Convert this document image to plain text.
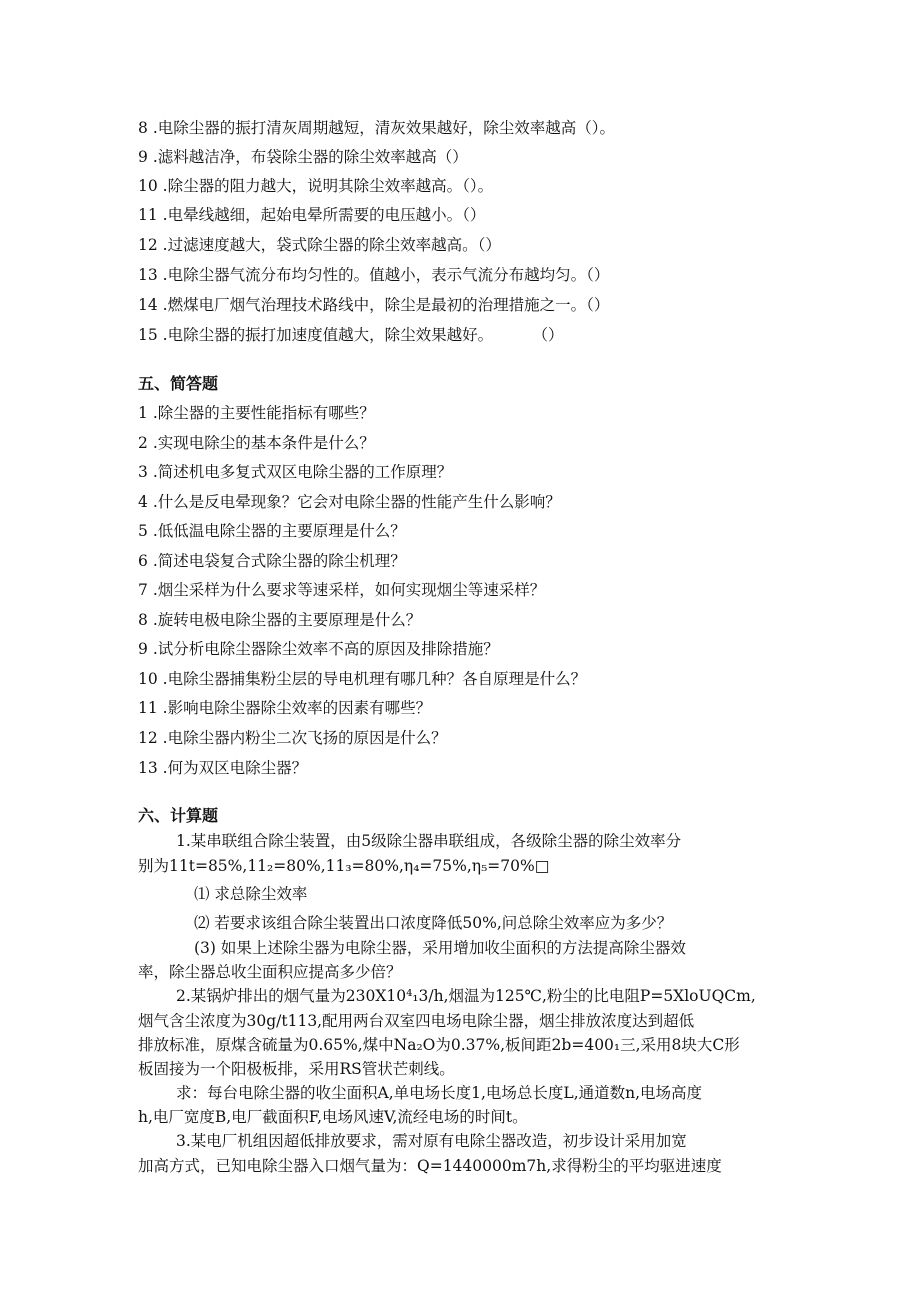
8 .电除尘器的振打清灰周期越短，清灰效果越好，除尘效率越高（）。
9 .滤料越洁净，布袋除尘器的除尘效率越高（）
10 .除尘器的阻力越大，说明其除尘效率越高。（）。
11 .电晕线越细，起始电晕所需要的电压越小。（）
12 .过滤速度越大，袋式除尘器的除尘效率越高。（）
13 .电除尘器气流分布均匀性的。值越小，表示气流分布越均匀。（）
14 .燃煤电厂烟气治理技术路线中，除尘是最初的治理措施之一。（）
15 .电除尘器的振打加速度值越大，除尘效果越好。        （）
五、简答题
1 .除尘器的主要性能指标有哪些？
2 .实现电除尘的基本条件是什么？
3 .简述机电多复式双区电除尘器的工作原理？
4 .什么是反电晕现象？它会对电除尘器的性能产生什么影响？
5 .低低温电除尘器的主要原理是什么？
6 .简述电袋复合式除尘器的除尘机理？
7 .烟尘采样为什么要求等速采样，如何实现烟尘等速采样？
8 .旋转电极电除尘器的主要原理是什么？
9 .试分析电除尘器除尘效率不高的原因及排除措施？
10 .电除尘器捕集粉尘层的导电机理有哪几种？各自原理是什么？
11 .影响电除尘器除尘效率的因素有哪些？
12 .电除尘器内粉尘二次飞扬的原因是什么？
13 .何为双区电除尘器？
六、计算题
1.某串联组合除尘装置，由5级除尘器串联组成，各级除尘器的除尘效率分
别为11t=85%,11₂=80%,11₃=80%,η₄=75%,η₅=70%□
⑴ 求总除尘效率
⑵ 若要求该组合除尘装置出口浓度降低50%,问总除尘效率应为多少？
(3) 如果上述除尘器为电除尘器，采用增加收尘面积的方法提高除尘器效
率，除尘器总收尘面积应提高多少倍？
2.某锅炉排出的烟气量为230X10⁴₁3/h,烟温为125℃,粉尘的比电阻P=5XloUQCm,
烟气含尘浓度为30g/t113,配用两台双室四电场电除尘器，烟尘排放浓度达到超低
排放标准，原煤含硫量为0.65%,煤中Na₂O为0.37%,板间距2b=400₁三,采用8块大C形
板固接为一个阳极板排，采用RS管状芒刺线。
求：每台电除尘器的收尘面积A,单电场长度1,电场总长度L,通道数n,电场高度
h,电厂宽度B,电厂截面积F,电场风速V,流经电场的时间t。
3.某电厂机组因超低排放要求，需对原有电除尘器改造，初步设计采用加宽
加高方式，已知电除尘器入口烟气量为：Q=1440000m7h,求得粉尘的平均驱进速度
